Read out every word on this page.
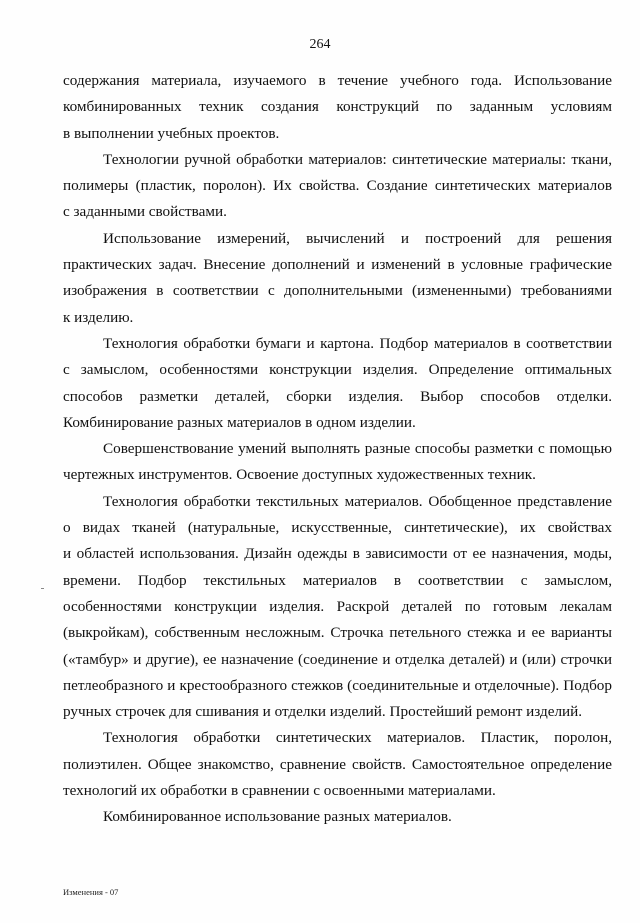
264
содержания материала, изучаемого в течение учебного года. Использование
комбинированных техник создания конструкций по заданным условиям
в выполнении учебных проектов.
Технологии ручной обработки материалов: синтетические материалы: ткани,
полимеры (пластик, поролон). Их свойства. Создание синтетических материалов
с заданными свойствами.
Использование измерений, вычислений и построений для решения
практических задач. Внесение дополнений и изменений в условные графические
изображения в соответствии с дополнительными (измененными) требованиями
к изделию.
Технология обработки бумаги и картона. Подбор материалов в соответствии
с замыслом, особенностями конструкции изделия. Определение оптимальных
способов разметки деталей, сборки изделия. Выбор способов отделки.
Комбинирование разных материалов в одном изделии.
Совершенствование умений выполнять разные способы разметки с помощью
чертежных инструментов. Освоение доступных художественных техник.
Технология обработки текстильных материалов. Обобщенное представление
о видах тканей (натуральные, искусственные, синтетические), их свойствах
и областей использования. Дизайн одежды в зависимости от ее назначения, моды,
времени. Подбор текстильных материалов в соответствии с замыслом,
особенностями конструкции изделия. Раскрой деталей по готовым лекалам
(выкройкам), собственным несложным. Строчка петельного стежка и ее варианты
(«тамбур» и другие), ее назначение (соединение и отделка деталей) и (или) строчки
петлеобразного и крестообразного стежков (соединительные и отделочные). Подбор
ручных строчек для сшивания и отделки изделий. Простейший ремонт изделий.
Технология обработки синтетических материалов. Пластик, поролон,
полиэтилен. Общее знакомство, сравнение свойств. Самостоятельное определение
технологий их обработки в сравнении с освоенными материалами.
Комбинированное использование разных материалов.
Изменения - 07
